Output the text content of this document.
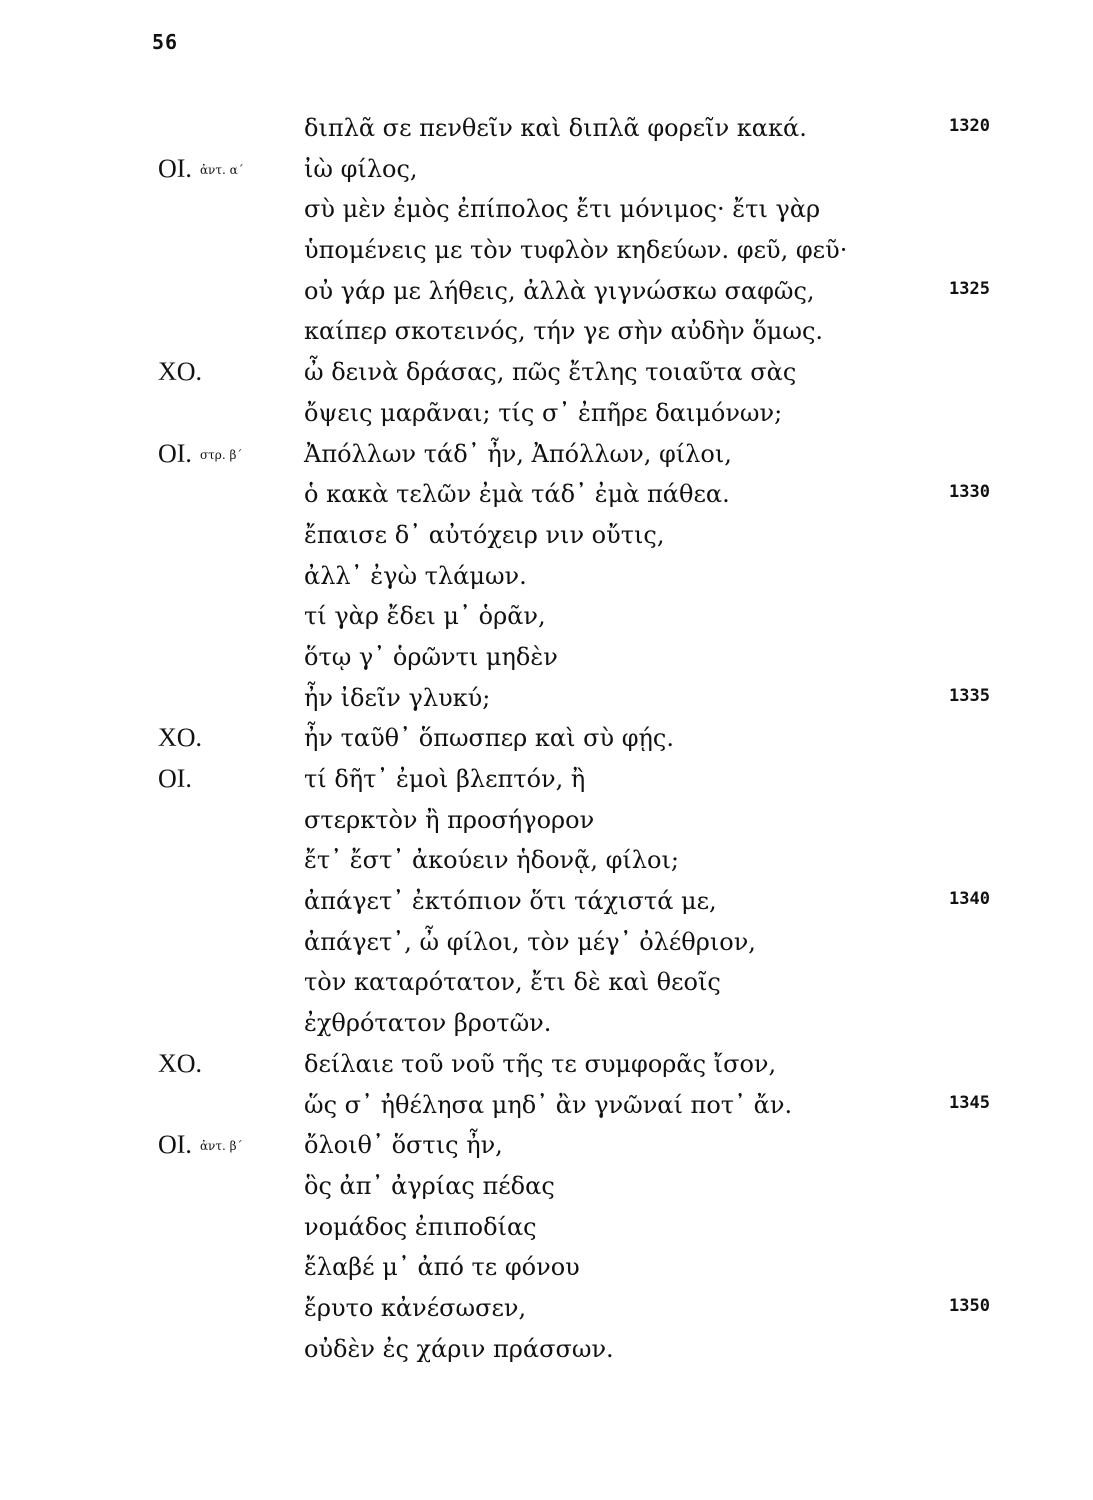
56
διπλᾶ σε πενθεῖν καὶ διπλᾶ φορεῖν κακά.	1320
ΟΙ. ἀντ. α΄	ἰὼ φίλος,
σὺ μὲν ἐμὸς ἐπίπολος ἔτι μόνιμος· ἔτι γὰρ
ὑπομένεις με τὸν τυφλὸν κηδεύων. φεῦ, φεῦ·
οὐ γάρ με λήθεις, ἀλλὰ γιγνώσκω σαφῶς,	1325
καίπερ σκοτεινός, τήν γε σὴν αὐδὴν ὅμως.
ΧΟ.	ὦ δεινὰ δράσας, πῶς ἔτλης τοιαῦτα σὰς
ὄψεις μαρᾶναι; τίς σ᾽ ἐπῆρε δαιμόνων;
ΟΙ. στρ. β΄	Ἀπόλλων τάδ᾽ ἦν, Ἀπόλλων, φίλοι,
ὁ κακὰ τελῶν ἐμὰ τάδ᾽ ἐμὰ πάθεα.	1330
ἔπαισε δ᾽ αὐτόχειρ νιν οὔτις,
ἀλλ᾽ ἐγὼ τλάμων.
τί γὰρ ἔδει μ᾽ ὁρᾶν,
ὅτῳ γ᾽ ὁρῶντι μηδὲν
ἦν ἰδεῖν γλυκύ;	1335
ΧΟ.	ἦν ταῦθ᾽ ὅπωσπερ καὶ σὺ φῄς.
ΟΙ.	τί δῆτ᾽ ἐμοὶ βλεπτόν, ἢ
στερκτὸν ἢ προσήγορον
ἔτ᾽ ἔστ᾽ ἀκούειν ἡδονᾷ, φίλοι;
ἀπάγετ᾽ ἐκτόπιον ὅτι τάχιστά με,	1340
ἀπάγετ᾽, ὦ φίλοι, τὸν μέγ᾽ ὀλέθριον,
τὸν καταρότατον, ἔτι δὲ καὶ θεοῖς
ἐχθρότατον βροτῶν.
ΧΟ.	δείλαιε τοῦ νοῦ τῆς τε συμφορᾶς ἴσον,
ὥς σ᾽ ἠθέλησα μηδ᾽ ἂν γνῶναί ποτ᾽ ἄν.	1345
ΟΙ. ἀντ. β΄	ὄλοιθ᾽ ὅστις ἦν,
ὃς ἀπ᾽ ἀγρίας πέδας
νομάδος ἐπιποδίας
ἔλαβέ μ᾽ ἀπό τε φόνου
ἔρυτο κἀνέσωσεν,	1350
οὐδὲν ἐς χάριν πράσσων.
